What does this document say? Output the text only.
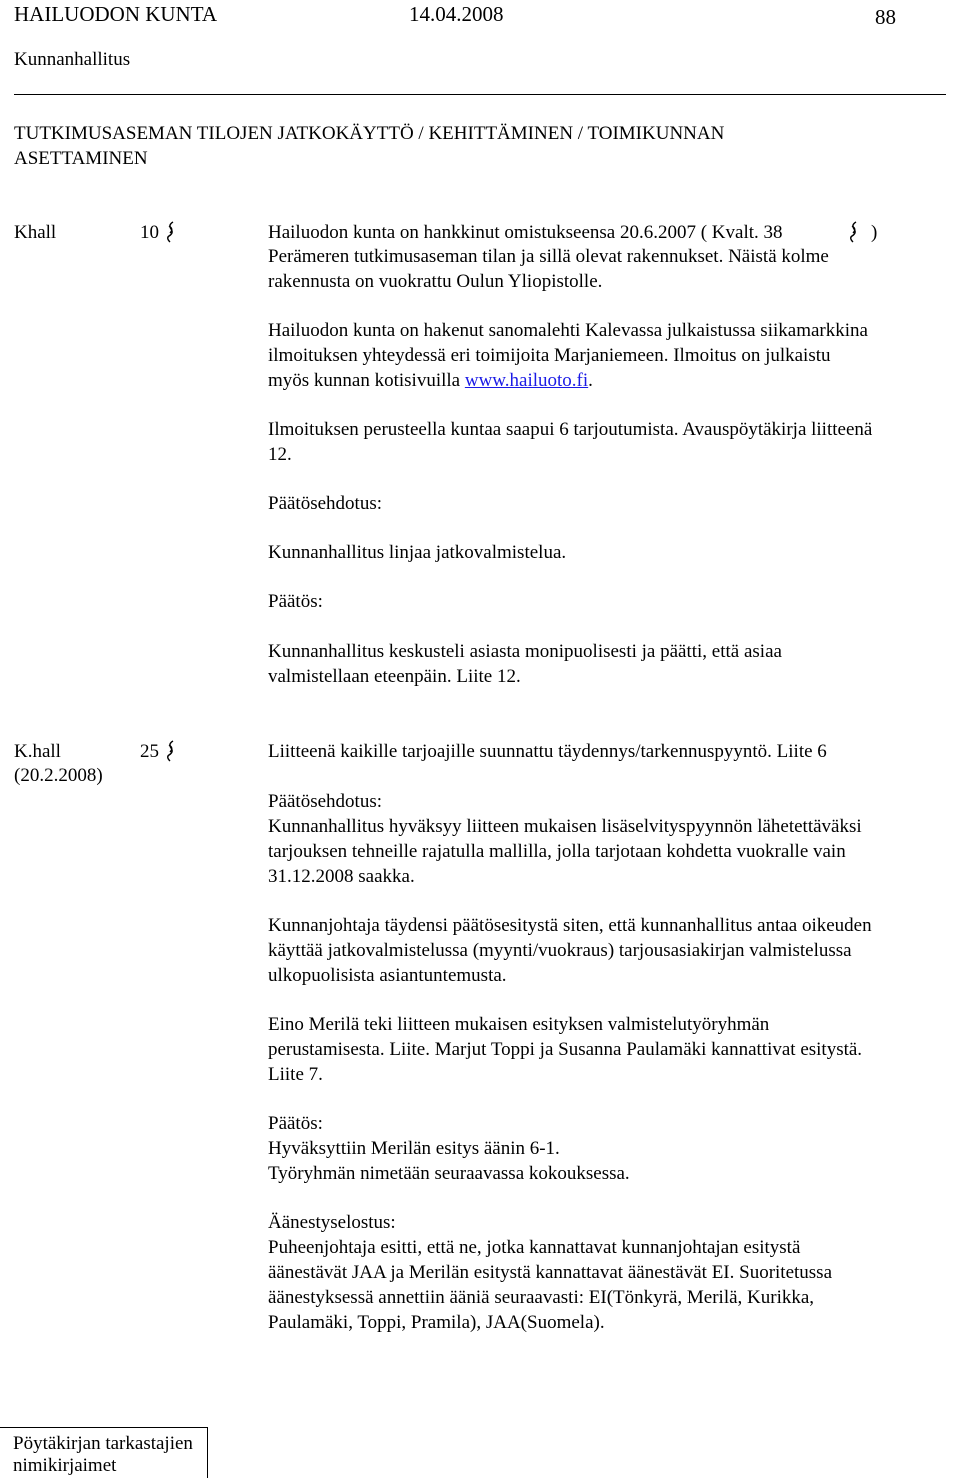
HAILUODON KUNTA	14.04.2008	88
Kunnanhallitus
TUTKIMUSASEMAN TILOJEN JATKOKÄYTTÖ / KEHITTÄMINEN / TOIMIKUNNAN
ASETTAMINEN
Khall	10	Hailuodon kunta on hankkinut omistukseensa 20.6.2007 ( Kvalt. 38	)
Perämeren tutkimusaseman tilan ja sillä olevat rakennukset. Näistä kolme
rakennusta on vuokrattu Oulun Yliopistolle.
Hailuodon kunta on hakenut sanomalehti Kalevassa julkaistussa siikamarkkina
ilmoituksen yhteydessä eri toimijoita Marjaniemeen. Ilmoitus on julkaistu
myös kunnan kotisivuilla www.hailuoto.fi.
Ilmoituksen perusteella kuntaa saapui 6 tarjoutumista. Avauspöytäkirja liitteenä
12.
Päätösehdotus:
Kunnanhallitus linjaa jatkovalmistelua.
Päätös:
Kunnanhallitus keskusteli asiasta monipuolisesti ja päätti, että asiaa
valmistellaan eteenpäin. Liite 12.
K.hall
(20.2.2008)
25	Liitteenä kaikille tarjoajille suunnattu täydennys/tarkennuspyyntö. Liite 6
Päätösehdotus:
Kunnanhallitus hyväksyy liitteen mukaisen lisäselvityspyynnön lähetettäväksi
tarjouksen tehneille rajatulla mallilla, jolla tarjotaan kohdetta vuokralle vain
31.12.2008 saakka.
Kunnanjohtaja täydensi päätösesitystä siten, että kunnanhallitus antaa oikeuden
käyttää jatkovalmistelussa (myynti/vuokraus) tarjousasiakirjan valmistelussa
ulkopuolisista asiantuntemusta.
Eino Merilä teki liitteen mukaisen esityksen valmistelutyöryhmän
perustamisesta. Liite. Marjut Toppi ja Susanna Paulamäki kannattivat esitystä.
Liite 7.
Päätös:
Hyväksyttiin Merilän esitys äänin 6-1.
Työryhmän nimetään seuraavassa kokouksessa.
Äänestyselostus:
Puheenjohtaja esitti, että ne, jotka kannattavat kunnanjohtajan esitystä
äänestävät JAA ja Merilän esitystä kannattavat äänestävät EI. Suoritetussa
äänestyksessä annettiin ääniä seuraavasti: EI(Tönkyrä, Merilä, Kurikka,
Paulamäki, Toppi, Pramila), JAA(Suomela).
Pöytäkirjan tarkastajien
nimikirjaimet
